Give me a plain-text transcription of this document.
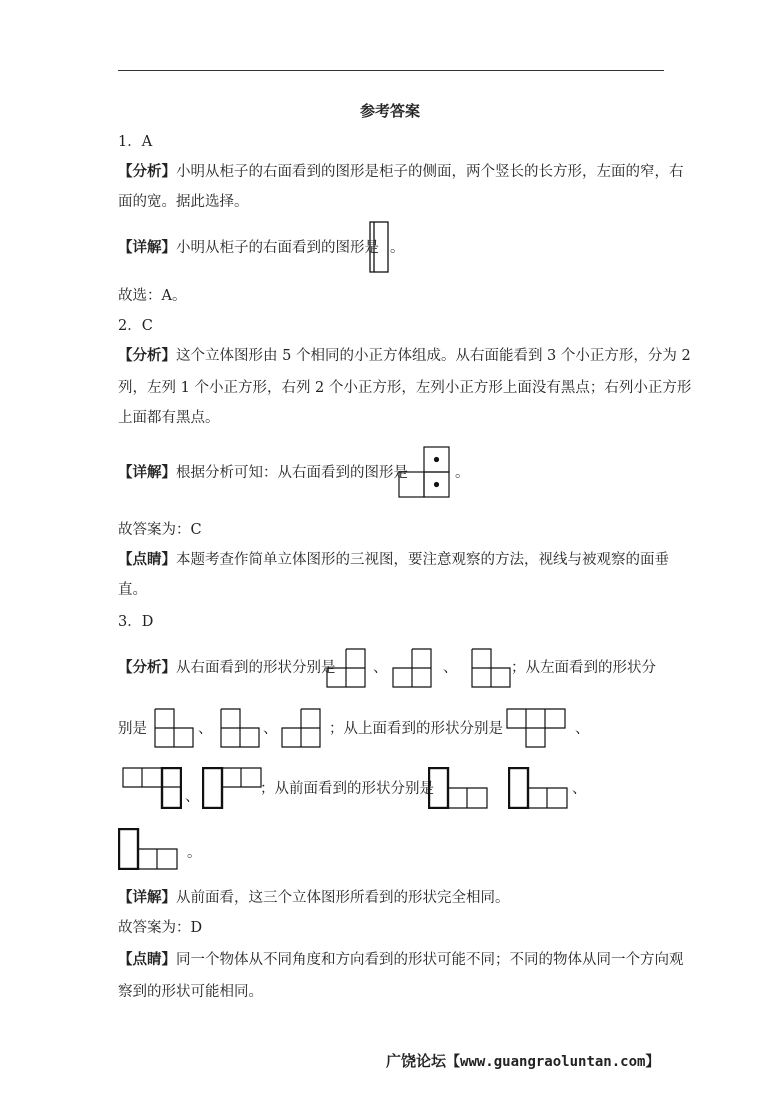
参考答案
1．A
【分析】小明从柜子的右面看到的图形是柜子的侧面，两个竖长的长方形，左面的窄，右
面的宽。据此选择。
【详解】小明从柜子的右面看到的图形是 。
故选：A。
2．C
【分析】这个立体图形由 5 个相同的小正方体组成。从右面能看到 3 个小正方形，分为 2
列，左列 1 个小正方形，右列 2 个小正方形，左列小正方形上面没有黑点；右列小正方形
上面都有黑点。
【详解】根据分析可知：从右面看到的图形是	。
故答案为：C
【点睛】本题考查作简单立体图形的三视图，要注意观察的方法，视线与被观察的面垂
直。
3．D
【分析】从右面看到的形状分别是	、	、	；从左面看到的形状分
别是	、	、	；从上面看到的形状分别是	、
、	；从前面看到的形状分别是	、
。
【详解】从前面看，这三个立体图形所看到的形状完全相同。
故答案为：D
【点睛】同一个物体从不同角度和方向看到的形状可能不同；不同的物体从同一个方向观
察到的形状可能相同。
广饶论坛【www.guangraoluntan.com】
